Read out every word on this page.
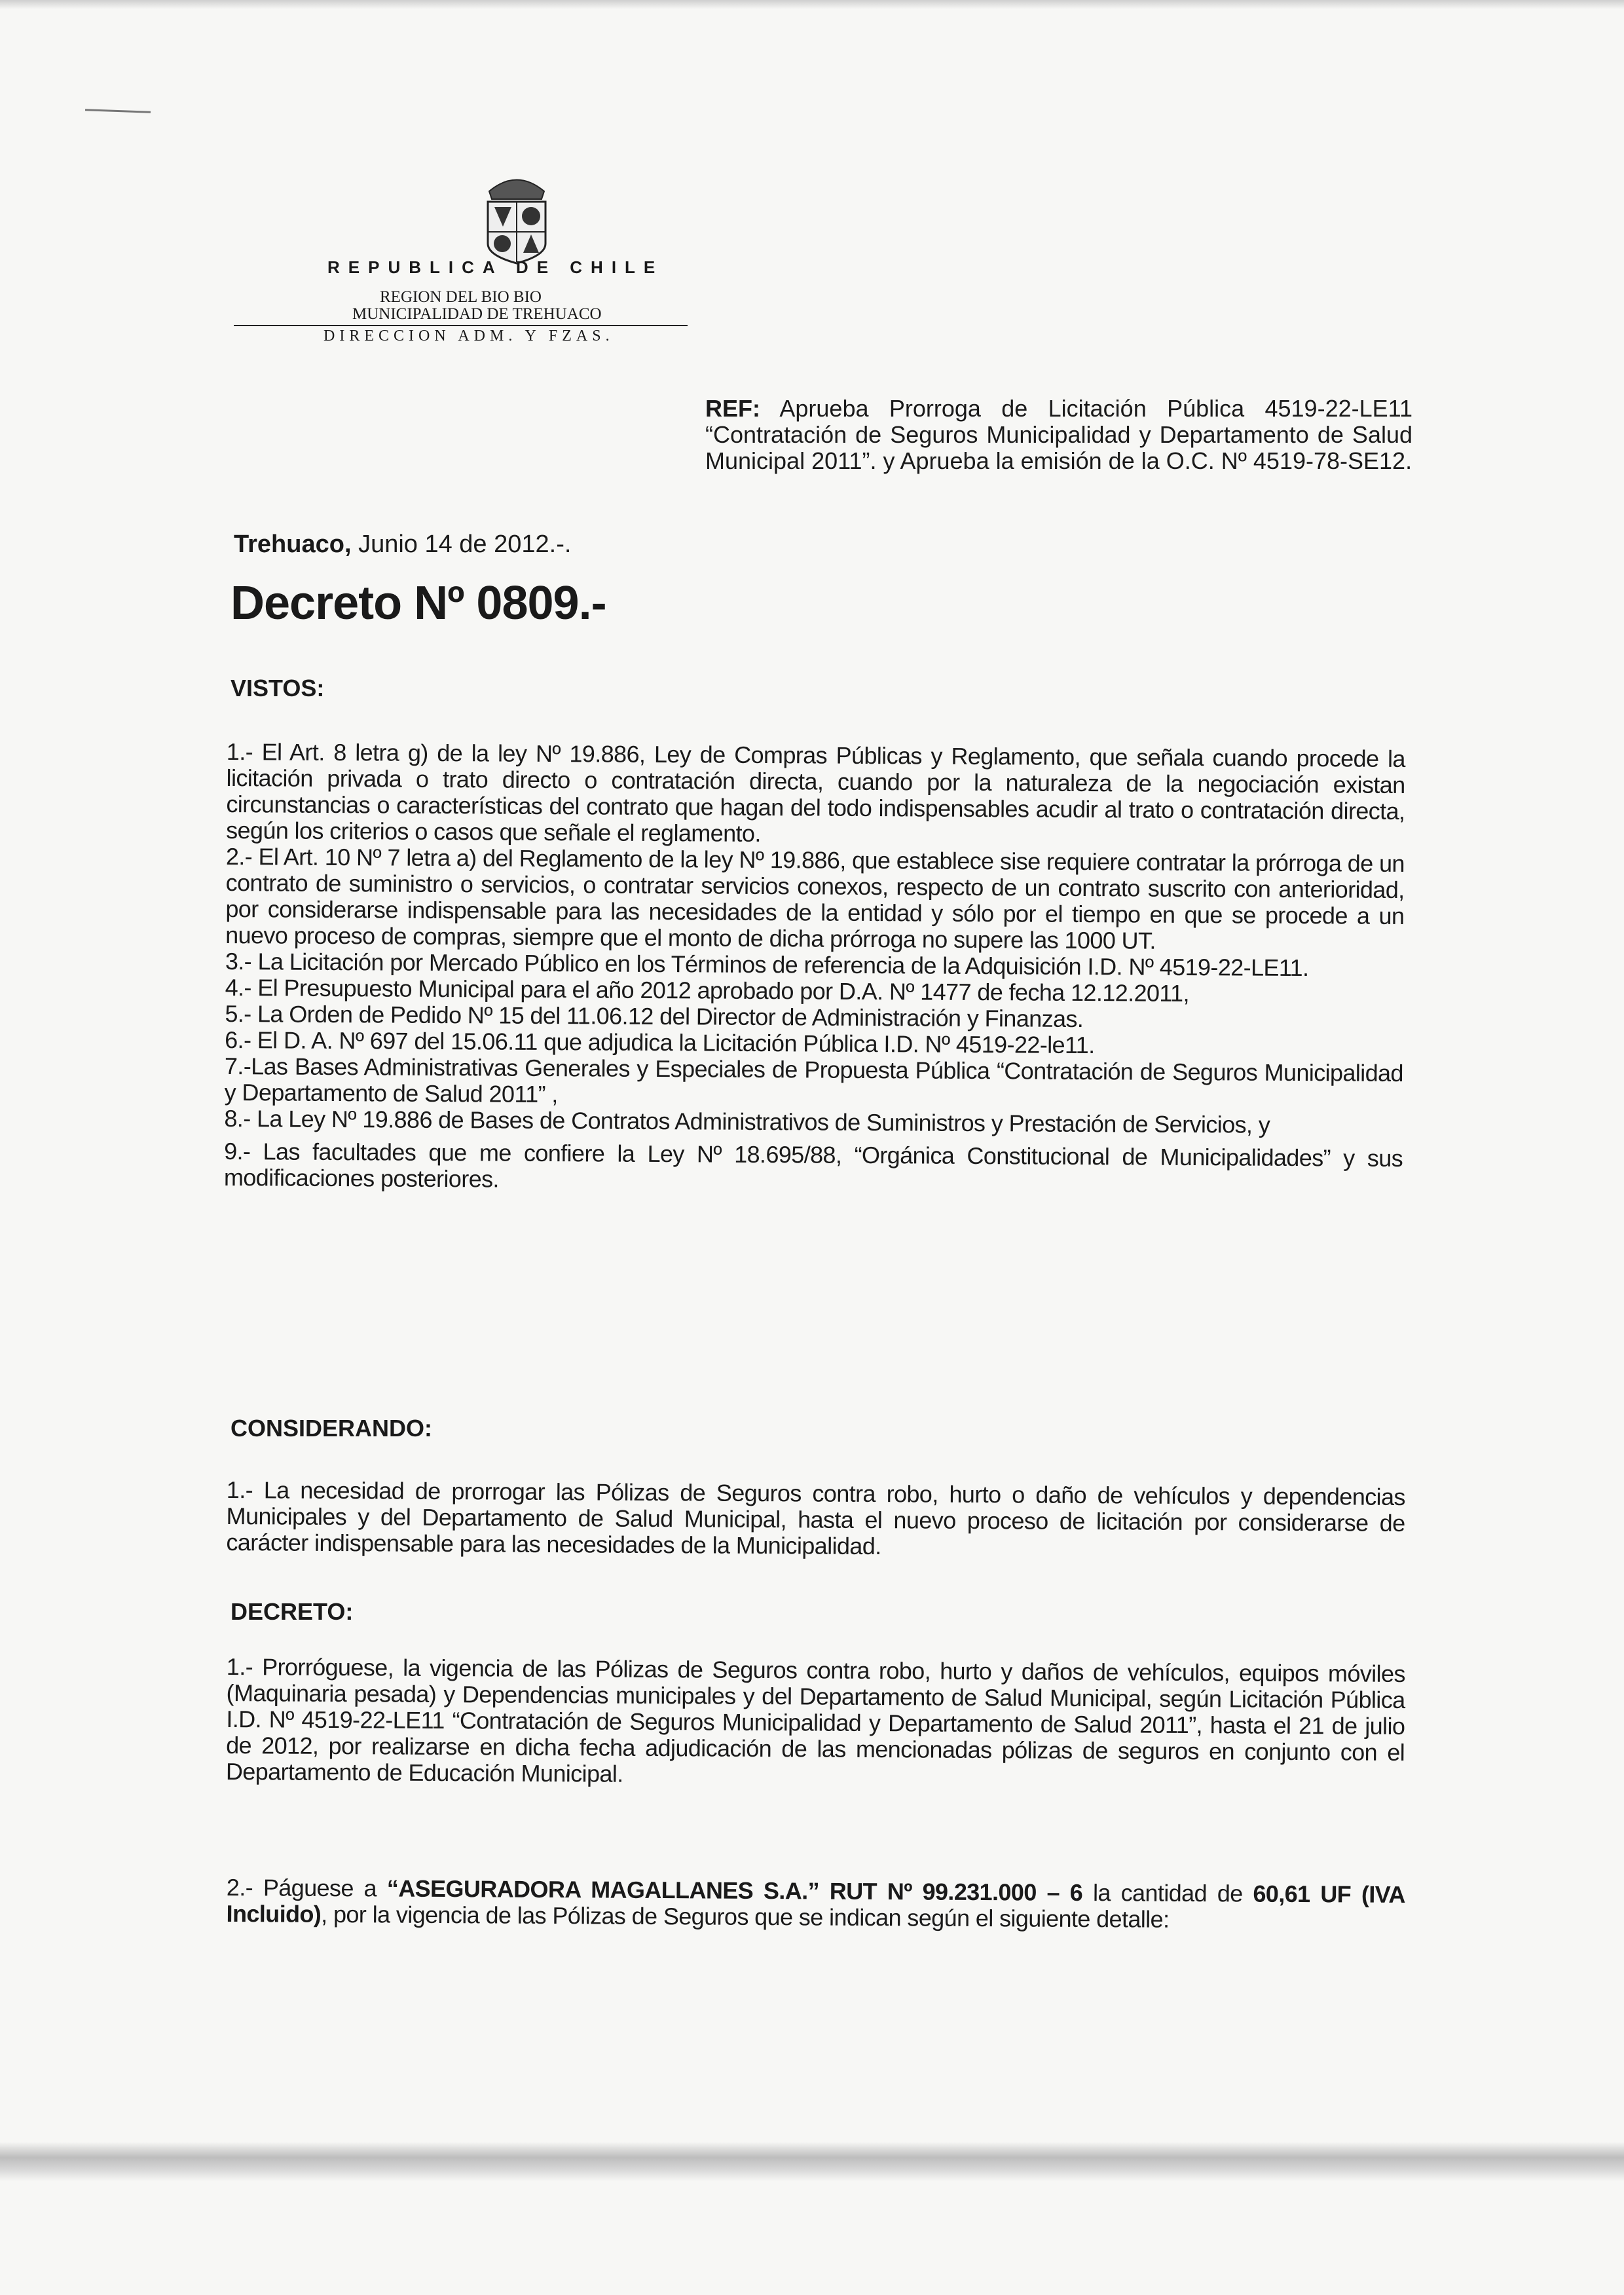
REPUBLICA DE CHILE
REGION DEL BIO BIO
MUNICIPALIDAD DE TREHUACO
DIRECCION ADM. Y FZAS.
REF: Aprueba Prorroga de Licitación Pública 4519-22-LE11 “Contratación de Seguros Municipalidad y Departamento de Salud Municipal 2011”. y Aprueba la emisión de la O.C. Nº 4519-78-SE12.
Trehuaco, Junio 14 de 2012.-.
Decreto Nº 0809.-
VISTOS:

1.- El Art. 8 letra g) de la ley Nº 19.886, Ley de Compras Públicas y Reglamento, que señala cuando procede la licitación privada o trato directo o contratación directa, cuando por la naturaleza de la negociación existan circunstancias o características del contrato que hagan del todo indispensables acudir al trato o contratación directa, según los criterios o casos que señale el reglamento.

2.- El Art. 10 Nº 7 letra a) del Reglamento de la ley Nº 19.886, que establece sise requiere contratar la prórroga de un contrato de suministro o servicios, o contratar servicios conexos, respecto de un contrato suscrito con anterioridad, por considerarse indispensable para las necesidades de la entidad y sólo por el tiempo en que se procede a un nuevo proceso de compras, siempre que el monto de dicha prórroga no supere las 1000 UT.

3.- La Licitación por Mercado Público en los Términos de referencia de la Adquisición I.D. Nº 4519-22-LE11.

4.- El Presupuesto Municipal para el año 2012 aprobado por D.A. Nº 1477 de fecha 12.12.2011,

5.- La Orden de Pedido Nº 15 del 11.06.12 del Director de Administración y Finanzas.

6.- El D. A. Nº 697 del 15.06.11 que adjudica la Licitación Pública I.D. Nº 4519-22-le11.

7.-Las Bases Administrativas Generales y Especiales de Propuesta Pública “Contratación de Seguros Municipalidad y Departamento de Salud 2011” ,

8.- La Ley Nº 19.886 de Bases de Contratos Administrativos de Suministros y Prestación de Servicios, y

9.- Las facultades que me confiere la Ley Nº 18.695/88, “Orgánica Constitucional de Municipalidades” y sus modificaciones posteriores.

CONSIDERANDO:

1.- La necesidad de prorrogar las Pólizas de Seguros contra robo, hurto o daño de vehículos y dependencias Municipales y del Departamento de Salud Municipal, hasta el nuevo proceso de licitación por considerarse de carácter indispensable para las necesidades de la Municipalidad.

DECRETO:
1.- Prorróguese, la vigencia de las Pólizas de Seguros contra robo, hurto y daños de vehículos, equipos móviles (Maquinaria pesada) y Dependencias municipales y del Departamento de Salud Municipal, según Licitación Pública I.D. Nº 4519-22-LE11 “Contratación de Seguros Municipalidad y Departamento de Salud 2011”, hasta el 21 de julio de 2012, por realizarse en dicha fecha adjudicación de las mencionadas pólizas de seguros en conjunto con el Departamento de Educación Municipal.
2.- Páguese a “ASEGURADORA MAGALLANES S.A.” RUT Nº 99.231.000 – 6 la cantidad de 60,61 UF (IVA Incluido), por la vigencia de las Pólizas de Seguros que se indican según el siguiente detalle:
